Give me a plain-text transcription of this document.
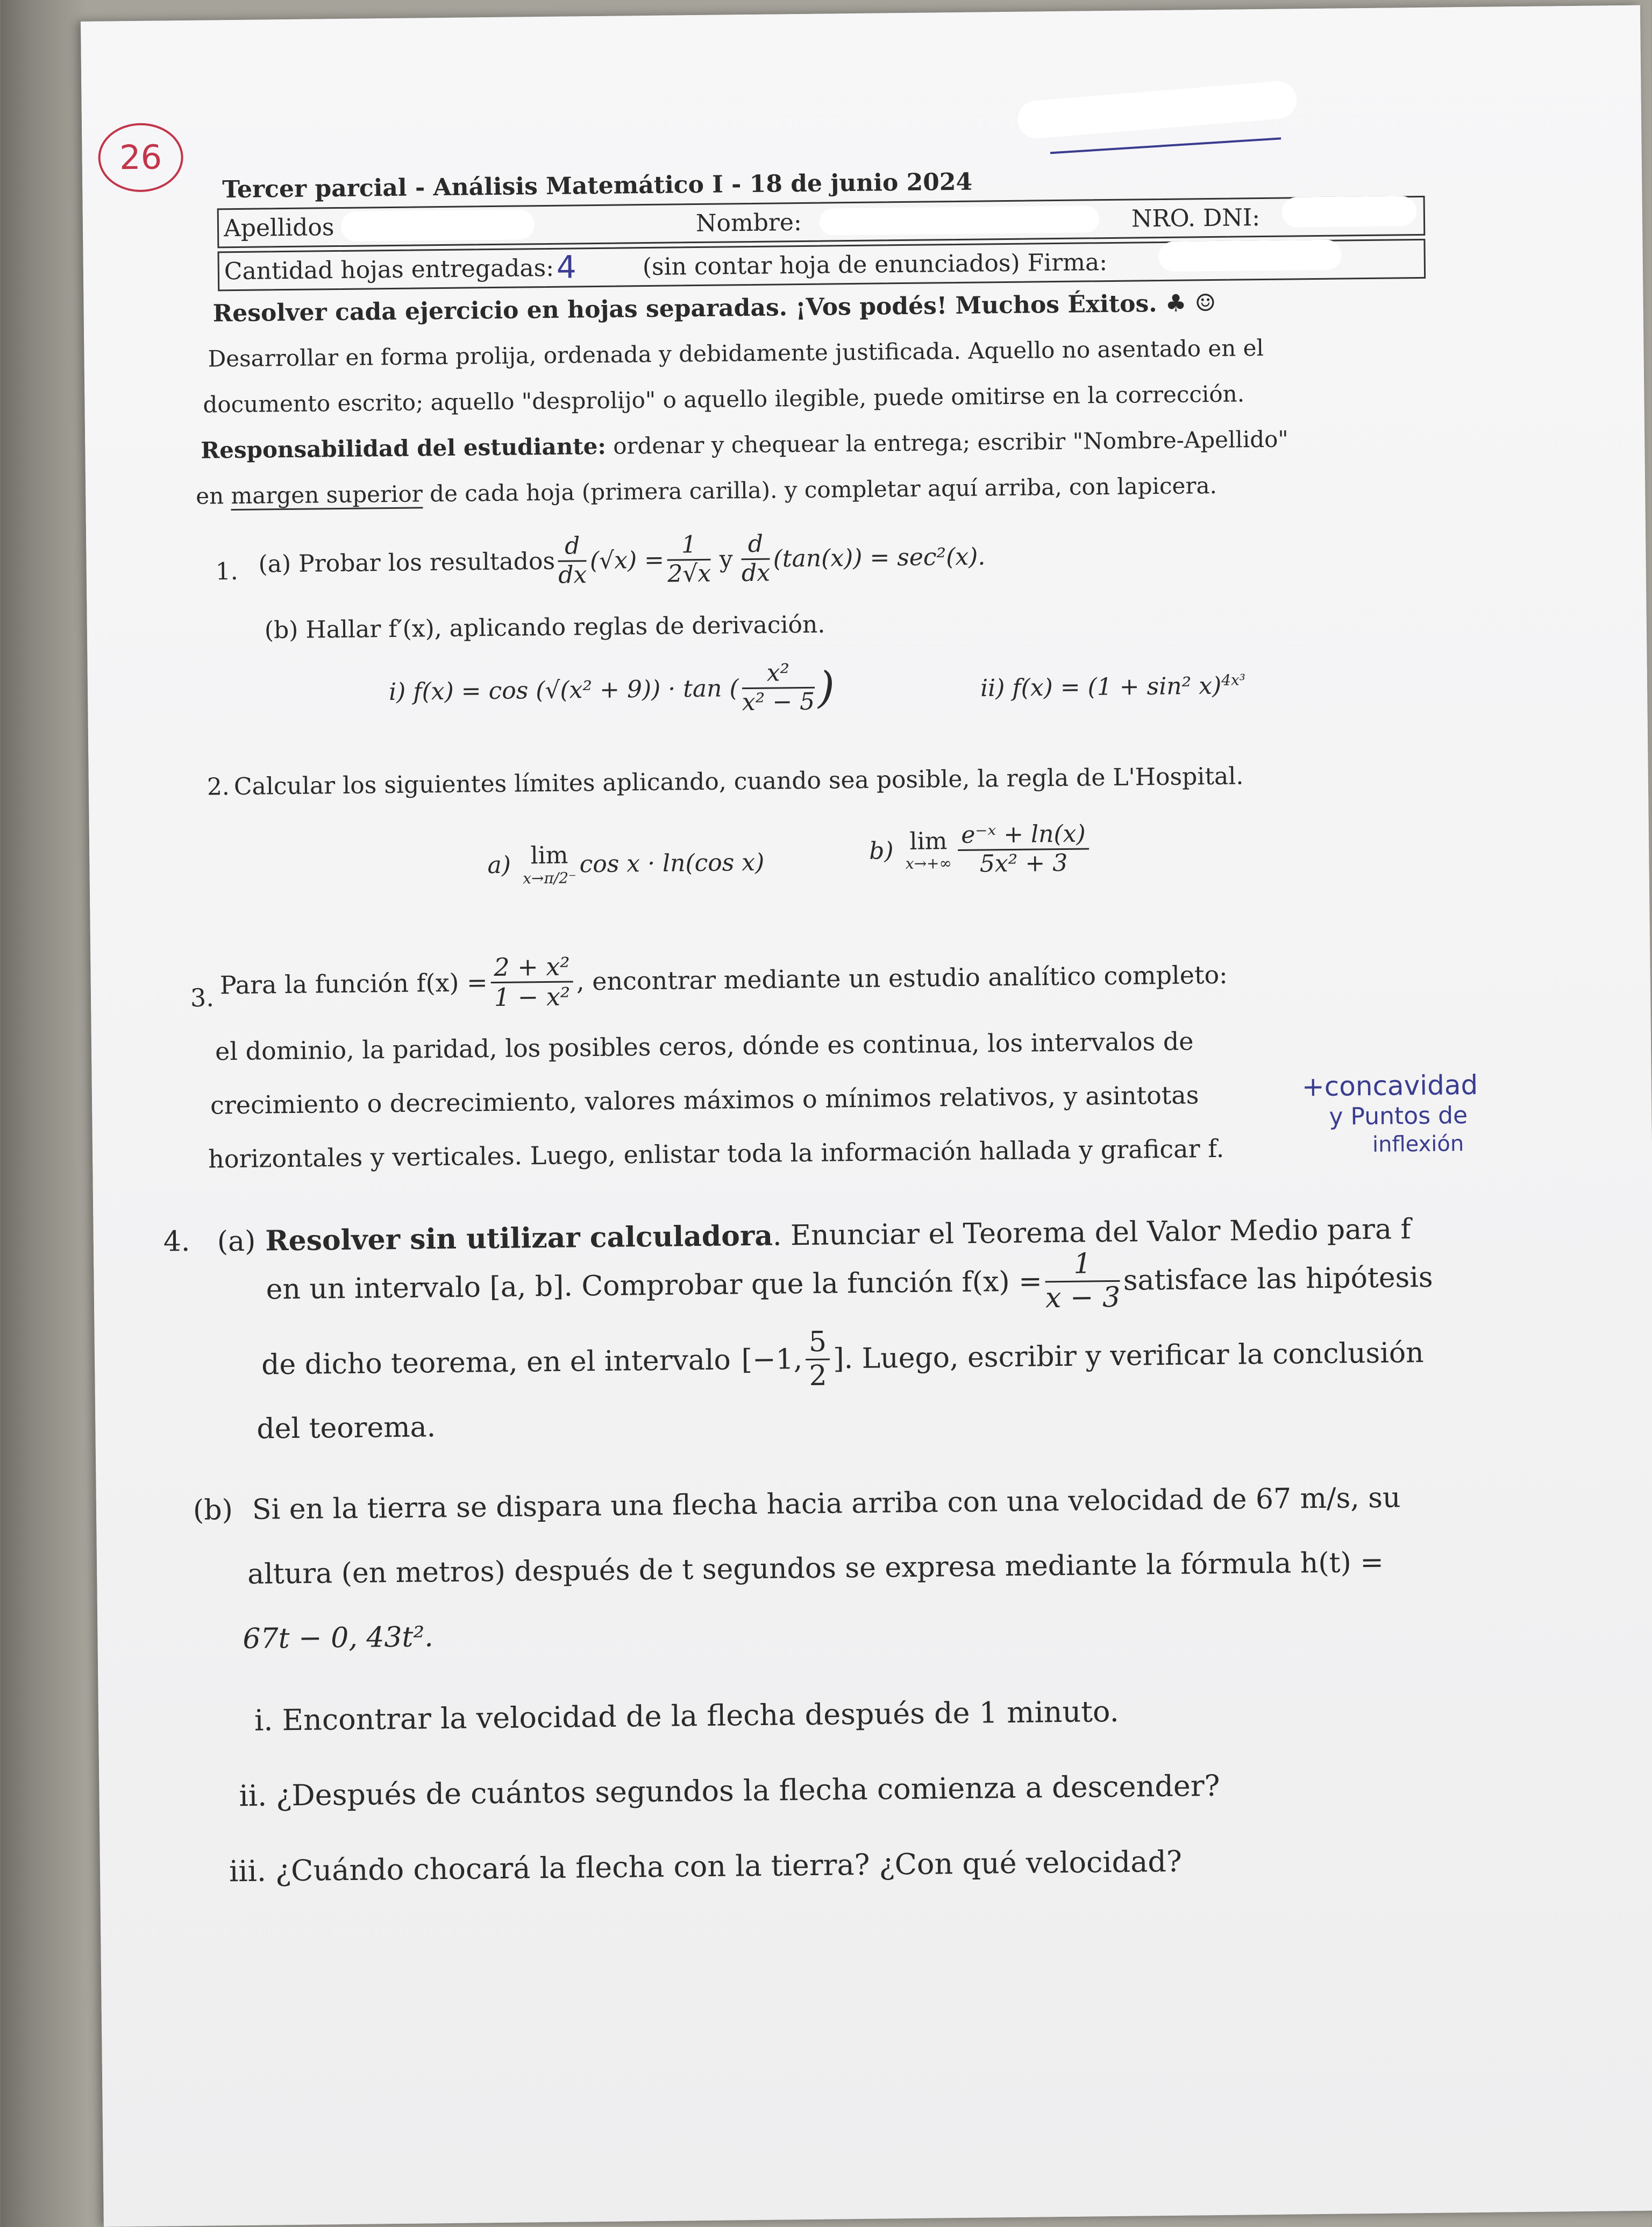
26
Tercer parcial - Análisis Matemático I - 18 de junio 2024
Apellidos	Nombre:	NRO. DNI:
Cantidad hojas entregadas: 4	(sin contar hoja de enunciados) Firma:
Resolver cada ejercicio en hojas separadas. ¡Vos podés! Muchos Éxitos. ♣ ☺
Desarrollar en forma prolija, ordenada y debidamente justificada. Aquello no asentado en el
documento escrito; aquello "desprolijo" o aquello ilegible, puede omitirse en la corrección.
Responsabilidad del estudiante: ordenar y chequear la entrega; escribir "Nombre-Apellido"
en margen superior de cada hoja (primera carilla). y completar aquí arriba, con lapicera.
1. (a) Probar los resultados $\frac{d}{dx} (√x) = \frac{1}{2√x}$ y $\frac{d}{dx} (\tan(x)) = \sec^2(x)$.
(b) Hallar f′(x), aplicando reglas de derivación.
i) f(x) = cos (√(x² + 9)) · tan ( $\frac{\text{x²}}{\text{x² − 5}}$ )	ii) f(x) = (1 + sin² x)$^{4x^3}$
2. Calcular los siguientes límites aplicando, cuando sea posible, la regla de L'Hospital.
a) lim
x→π/2⁻ cos x · ln(cos x)	b) lim
$x\to+\infty \frac{\text{e⁻ˣ + ln(x)}}{\text{5x² + 3}}$
3. Para la función $f(x) = \frac{\text{2 + x²}}{\text{1 − x²}}$ , encontrar mediante un estudio analítico completo:
el dominio, la paridad, los posibles ceros, dónde es continua, los intervalos de
crecimiento o decrecimiento, valores máximos o mínimos relativos, y asintotas
horizontales y verticales. Luego, enlistar toda la información hallada y graficar f.
+concavidad
y Puntos de
inflexión
4. (a) Resolver sin utilizar calculadora. Enunciar el Teorema del Valor Medio para f
en un intervalo [a, b]. Comprobar que la función $f(x) = \frac{1}{x - 3}$ satisface las hipótesis
de dicho teorema, en el intervalo [−1, $\frac{5}{2}$ ] . Luego, escribir y verificar la conclusión
del teorema.
(b) Si en la tierra se dispara una flecha hacia arriba con una velocidad de 67 m/s, su
altura (en metros) después de t segundos se expresa mediante la fórmula h(t) =
67t − 0, 43t².
i. Encontrar la velocidad de la flecha después de 1 minuto.
ii. ¿Después de cuántos segundos la flecha comienza a descender?
iii. ¿Cuándo chocará la flecha con la tierra? ¿Con qué velocidad?
